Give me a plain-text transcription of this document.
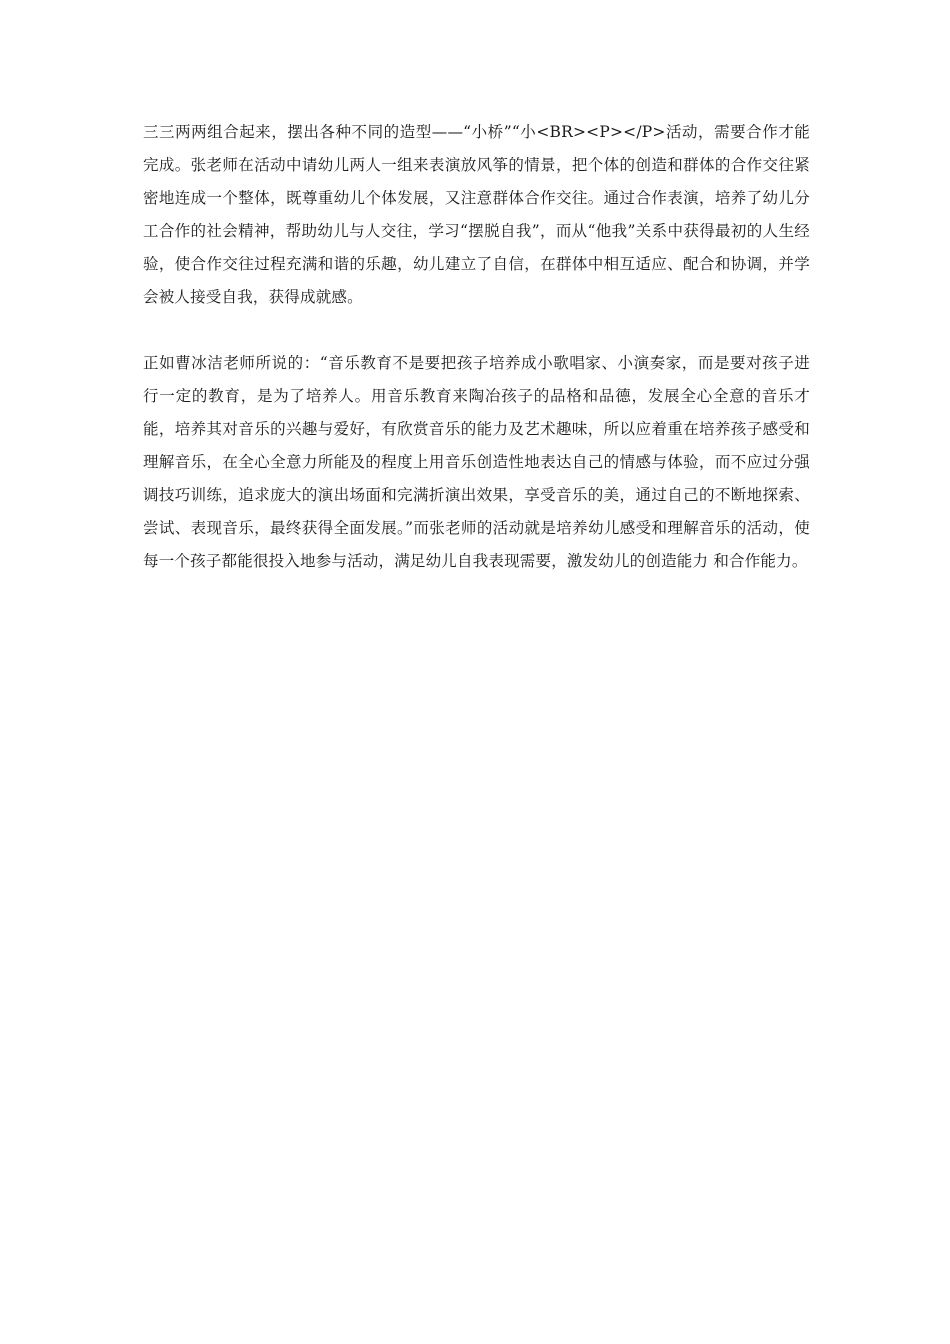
三三两两组合起来，摆出各种不同的造型——“小桥”“小<BR><P></P>活动，需要合作才能完成。张老师在活动中请幼儿两人一组来表演放风筝的情景，把个体的创造和群体的合作交往紧密地连成一个整体，既尊重幼儿个体发展，又注意群体合作交往。通过合作表演，培养了幼儿分工合作的社会精神，帮助幼儿与人交往，学习“摆脱自我”，而从“他我”关系中获得最初的人生经验，使合作交往过程充满和谐的乐趣，幼儿建立了自信，在群体中相互适应、配合和协调，并学会被人接受自我，获得成就感。

正如曹冰洁老师所说的：“音乐教育不是要把孩子培养成小歌唱家、小演奏家，而是要对孩子进行一定的教育，是为了培养人。用音乐教育来陶冶孩子的品格和品德，发展全心全意的音乐才能，培养其对音乐的兴趣与爱好，有欣赏音乐的能力及艺术趣味，所以应着重在培养孩子感受和理解音乐，在全心全意力所能及的程度上用音乐创造性地表达自己的情感与体验，而不应过分强调技巧训练，追求庞大的演出场面和完满折演出效果，享受音乐的美，通过自己的不断地探索、尝试、表现音乐，最终获得全面发展。”而张老师的活动就是培养幼儿感受和理解音乐的活动，使每一个孩子都能很投入地参与活动，满足幼儿自我表现需要，激发幼儿的创造能力 和合作能力。
